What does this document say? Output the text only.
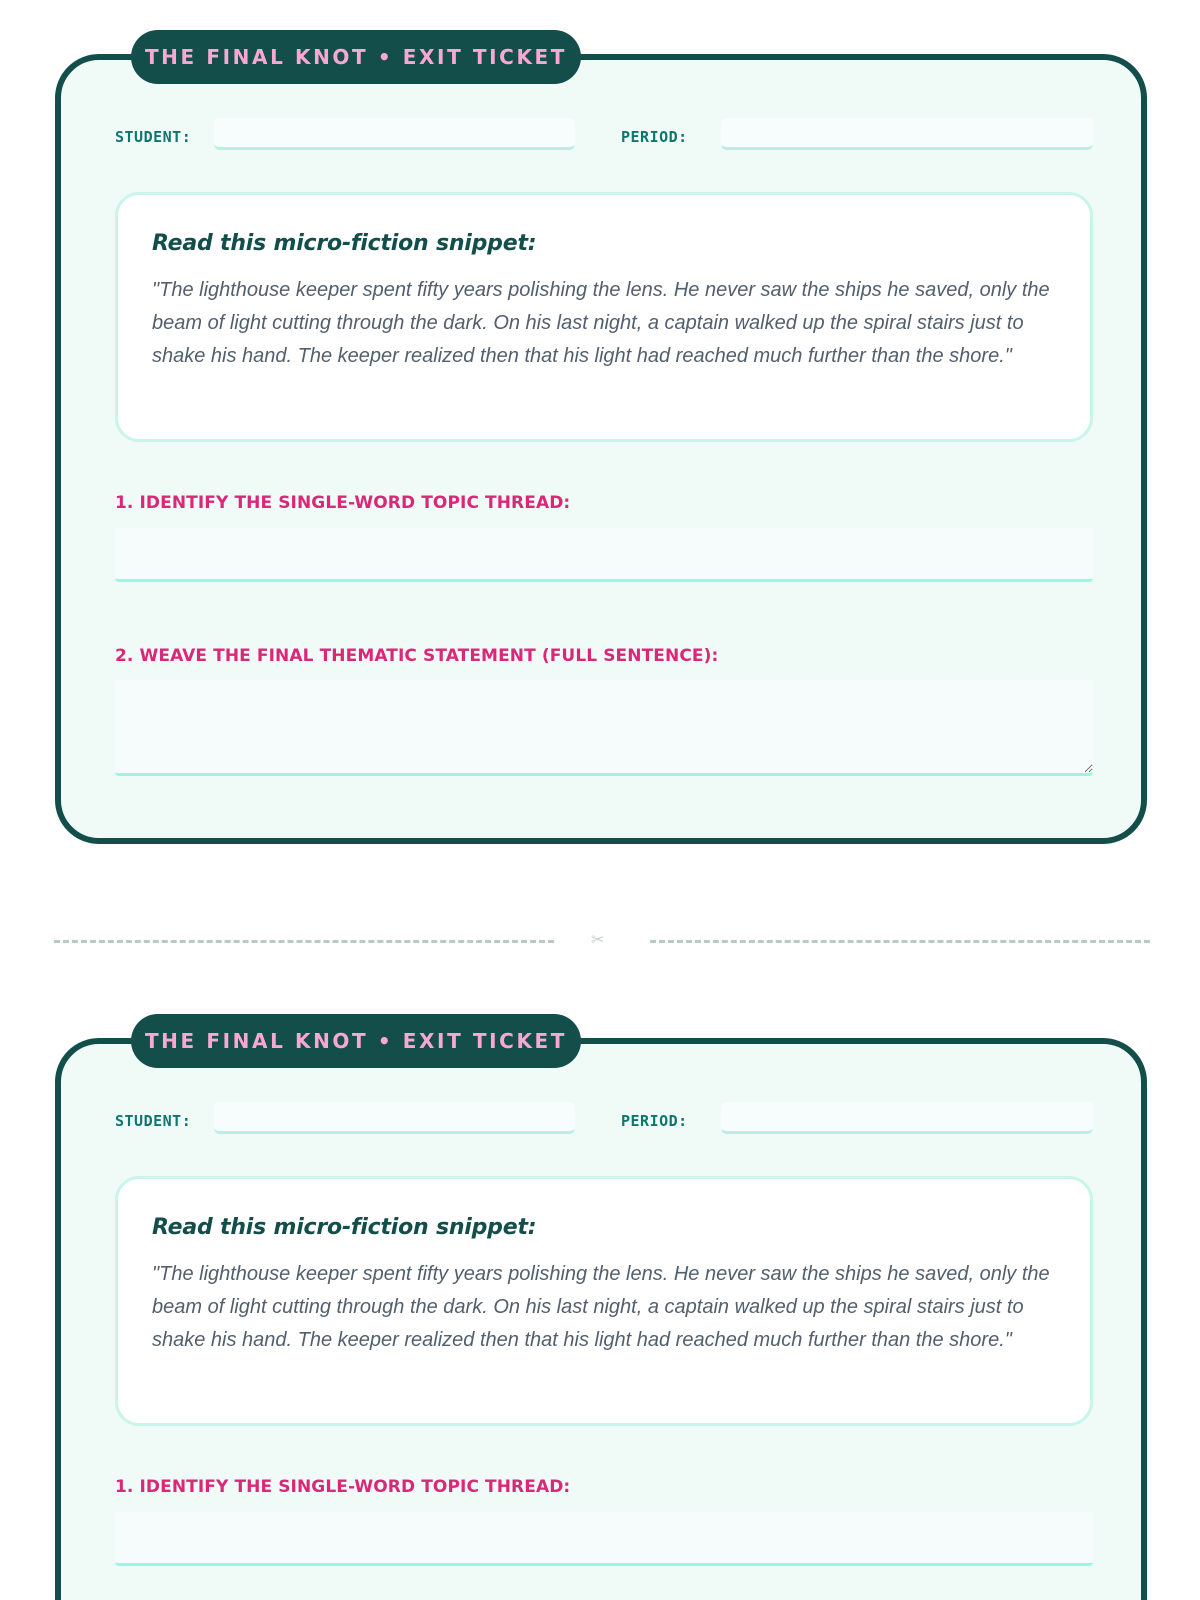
THE FINAL KNOT • EXIT TICKET
STUDENT:	PERIOD:
Read this micro-fiction snippet:

"The lighthouse keeper spent fifty years polishing the lens. He never saw the ships he saved, only the beam of light cutting through the dark. On his last night, a captain walked up the spiral stairs just to shake his hand. The keeper realized then that his light had reached much further than the shore."

1. IDENTIFY THE SINGLE-WORD TOPIC THREAD:
2. WEAVE THE FINAL THEMATIC STATEMENT (FULL SENTENCE):
✂
THE FINAL KNOT • EXIT TICKET
STUDENT:	PERIOD:
Read this micro-fiction snippet:

"The lighthouse keeper spent fifty years polishing the lens. He never saw the ships he saved, only the beam of light cutting through the dark. On his last night, a captain walked up the spiral stairs just to shake his hand. The keeper realized then that his light had reached much further than the shore."

1. IDENTIFY THE SINGLE-WORD TOPIC THREAD:
